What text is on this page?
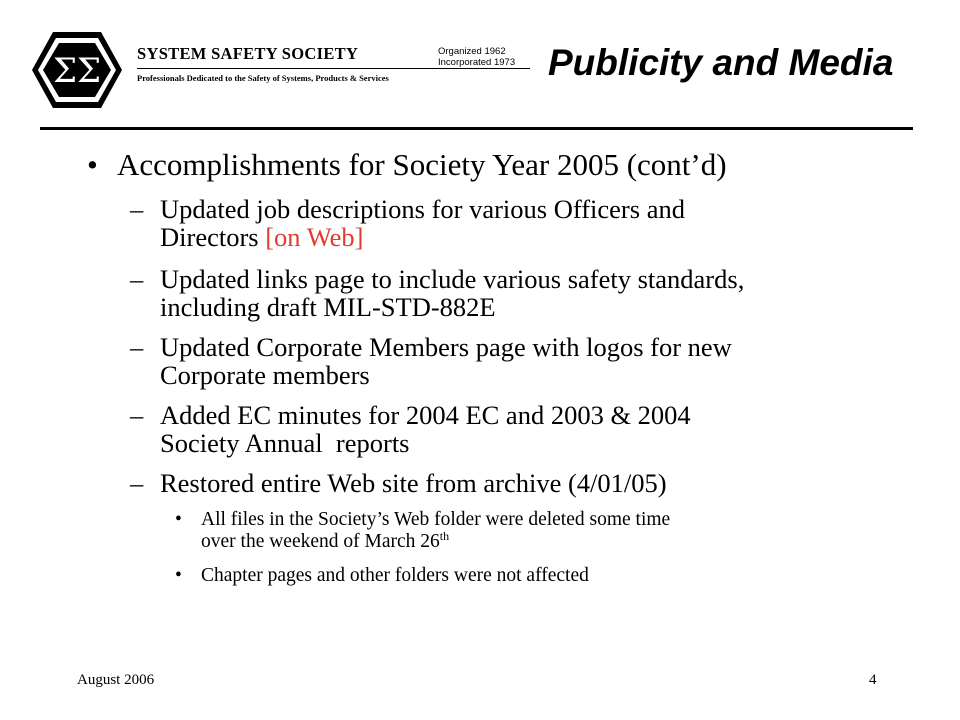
ΣΣ SYSTEM SAFETY SOCIETY
Professionals Dedicated to the Safety of Systems, Products & Services
Organized 1962
Incorporated 1973 Publicity and Media
• Accomplishments for Society Year 2005 (cont’d)
– Updated job descriptions for various Officers and
Directors [on Web]
– Updated links page to include various safety standards,
including draft MIL-STD-882E
– Updated Corporate Members page with logos for new
Corporate members
– Added EC minutes for 2004 EC and 2003 & 2004
Society Annual  reports
– Restored entire Web site from archive (4/01/05)
• All files in the Society’s Web folder were deleted some time
over the weekend of March 26th
• Chapter pages and other folders were not affected
August 2006	4
